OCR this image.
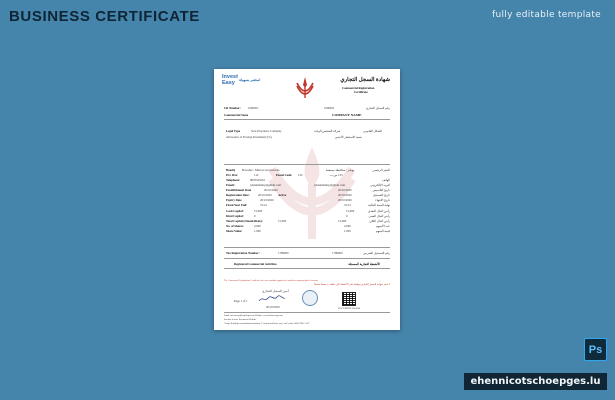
BUSINESS CERTIFICATE	fully editable template
Invest
Easy استثمر بسهولة	شهادة السجل التجاري
Commercial Registration
Certificate
CR Number: 1090951	1090951	رقم السجل التجاري
Commercial Name	COMPANY NAME
Legal Type	Sole Proprietor Company	شركة الشخص الواحد	الشكل القانوني
Allowance of Foreign Investment (%)	نسبة الاستثمار الأجنبي
HeadQ Bowsher / Muscat Governorate	بوشر / محافظة مسقط	المقر الرئيسي
P.O. Box:	112	Postal Code: 132	ص.ب 133
Telephone:	9876543210	الهاتف
Email:	johnsmitsmy@gmail.com	johnsmitsmy@gmail.com	البريد الإلكتروني
Establishment Date	20/10/2020	20/10/2020	تاريخ التأسيس
Registration Date:	20/10/2020 Active	20/10/2020	تاريخ التسجيل
Expiry Date	20/10/2026	20/10/2026	تاريخ الانتهاء
Fiscal Year End:	31/12	31/12	نهاية السنة المالية
Cash Capital:	15,000	15,000	رأس المال النقدي
Kind Capital:	0	0	رأس المال العيني
Total Capital (Omani Rials):	15,000	15,000	رأس المال الكلي
No. of Shares:	2,000	2,000	عدد الأسهم
Share Value:	1.000	1.000	قيمة السهم
Tax Registration Number:	1789000	1789000	رقم التسجيل الضريبي
Registered Commercial Activities	الأنشطة التجارية المسجلة
The Commercial Registration Certificate does not constitute approval of activities requiring prior licensing
لا تعتبر شهادة السجل التجاري موافقة على الأنشطة التي تتطلب ترخيصاً مسبقاً
أمين السجل التجاري
20/10/2020
Page 1 of 1
DOCUMENT-ID-0042
Email: investeasy@tejarah.gov.om Website: www.business.gov.om
Investor Service Investment Website
* http://fieldhelp.com/ministries/ministry/1 / fastest and better way / call center: 8000 7000 / 24/7
Ps
ehennicotschoepges.lu
